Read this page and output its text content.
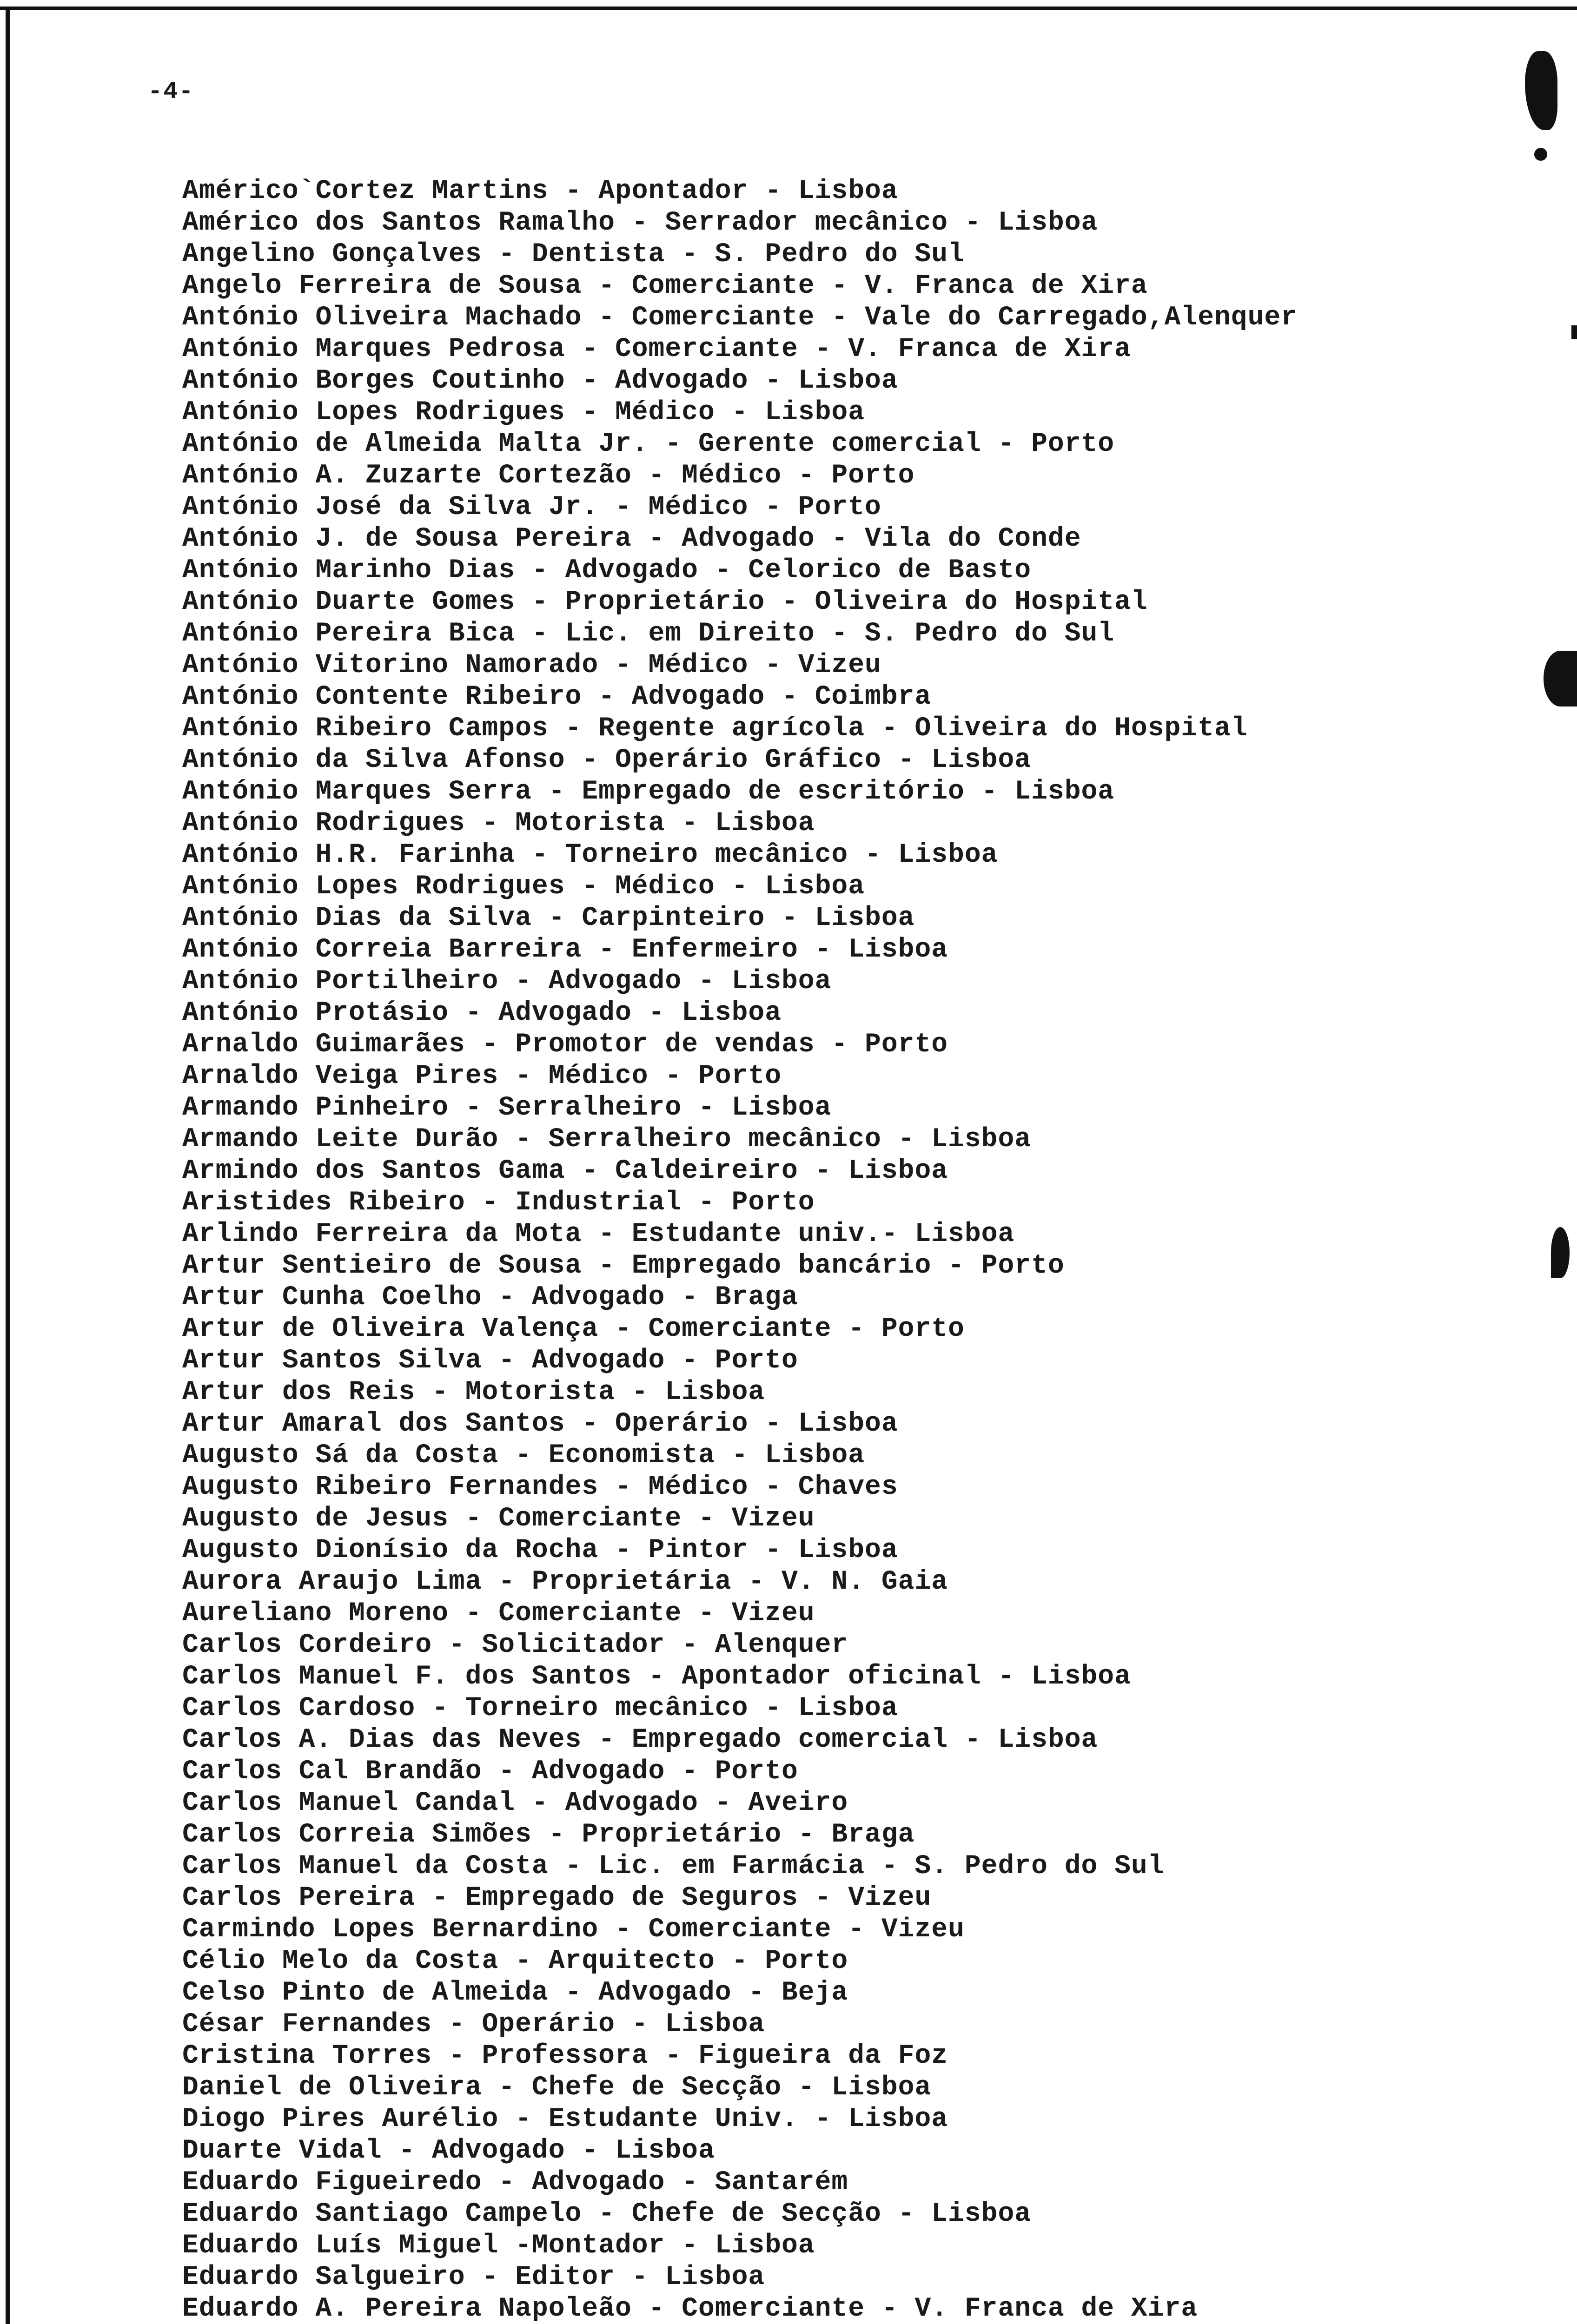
-4-
Américo`Cortez Martins - Apontador - Lisboa
Américo dos Santos Ramalho - Serrador mecânico - Lisboa
Angelino Gonçalves - Dentista - S. Pedro do Sul
Angelo Ferreira de Sousa - Comerciante - V. Franca de Xira
António Oliveira Machado - Comerciante - Vale do Carregado,Alenquer
António Marques Pedrosa - Comerciante - V. Franca de Xira
António Borges Coutinho - Advogado - Lisboa
António Lopes Rodrigues - Médico - Lisboa
António de Almeida Malta Jr. - Gerente comercial - Porto
António A. Zuzarte Cortezão - Médico - Porto
António José da Silva Jr. - Médico - Porto
António J. de Sousa Pereira - Advogado - Vila do Conde
António Marinho Dias - Advogado - Celorico de Basto
António Duarte Gomes - Proprietário - Oliveira do Hospital
António Pereira Bica - Lic. em Direito - S. Pedro do Sul
António Vitorino Namorado - Médico - Vizeu
António Contente Ribeiro - Advogado - Coimbra
António Ribeiro Campos - Regente agrícola - Oliveira do Hospital
António da Silva Afonso - Operário Gráfico - Lisboa
António Marques Serra - Empregado de escritório - Lisboa
António Rodrigues - Motorista - Lisboa
António H.R. Farinha - Torneiro mecânico - Lisboa
António Lopes Rodrigues - Médico - Lisboa
António Dias da Silva - Carpinteiro - Lisboa
António Correia Barreira - Enfermeiro - Lisboa
António Portilheiro - Advogado - Lisboa
António Protásio - Advogado - Lisboa
Arnaldo Guimarães - Promotor de vendas - Porto
Arnaldo Veiga Pires - Médico - Porto
Armando Pinheiro - Serralheiro - Lisboa
Armando Leite Durão - Serralheiro mecânico - Lisboa
Armindo dos Santos Gama - Caldeireiro - Lisboa
Aristides Ribeiro - Industrial - Porto
Arlindo Ferreira da Mota - Estudante univ.- Lisboa
Artur Sentieiro de Sousa - Empregado bancário - Porto
Artur Cunha Coelho - Advogado - Braga
Artur de Oliveira Valença - Comerciante - Porto
Artur Santos Silva - Advogado - Porto
Artur dos Reis - Motorista - Lisboa
Artur Amaral dos Santos - Operário - Lisboa
Augusto Sá da Costa - Economista - Lisboa
Augusto Ribeiro Fernandes - Médico - Chaves
Augusto de Jesus - Comerciante - Vizeu
Augusto Dionísio da Rocha - Pintor - Lisboa
Aurora Araujo Lima - Proprietária - V. N. Gaia
Aureliano Moreno - Comerciante - Vizeu
Carlos Cordeiro - Solicitador - Alenquer
Carlos Manuel F. dos Santos - Apontador oficinal - Lisboa
Carlos Cardoso - Torneiro mecânico - Lisboa
Carlos A. Dias das Neves - Empregado comercial - Lisboa
Carlos Cal Brandão - Advogado - Porto
Carlos Manuel Candal - Advogado - Aveiro
Carlos Correia Simões - Proprietário - Braga
Carlos Manuel da Costa - Lic. em Farmácia - S. Pedro do Sul
Carlos Pereira - Empregado de Seguros - Vizeu
Carmindo Lopes Bernardino - Comerciante - Vizeu
Célio Melo da Costa - Arquitecto - Porto
Celso Pinto de Almeida - Advogado - Beja
César Fernandes - Operário - Lisboa
Cristina Torres - Professora - Figueira da Foz
Daniel de Oliveira - Chefe de Secção - Lisboa
Diogo Pires Aurélio - Estudante Univ. - Lisboa
Duarte Vidal - Advogado - Lisboa
Eduardo Figueiredo - Advogado - Santarém
Eduardo Santiago Campelo - Chefe de Secção - Lisboa
Eduardo Luís Miguel -Montador - Lisboa
Eduardo Salgueiro - Editor - Lisboa
Eduardo A. Pereira Napoleão - Comerciante - V. Franca de Xira
